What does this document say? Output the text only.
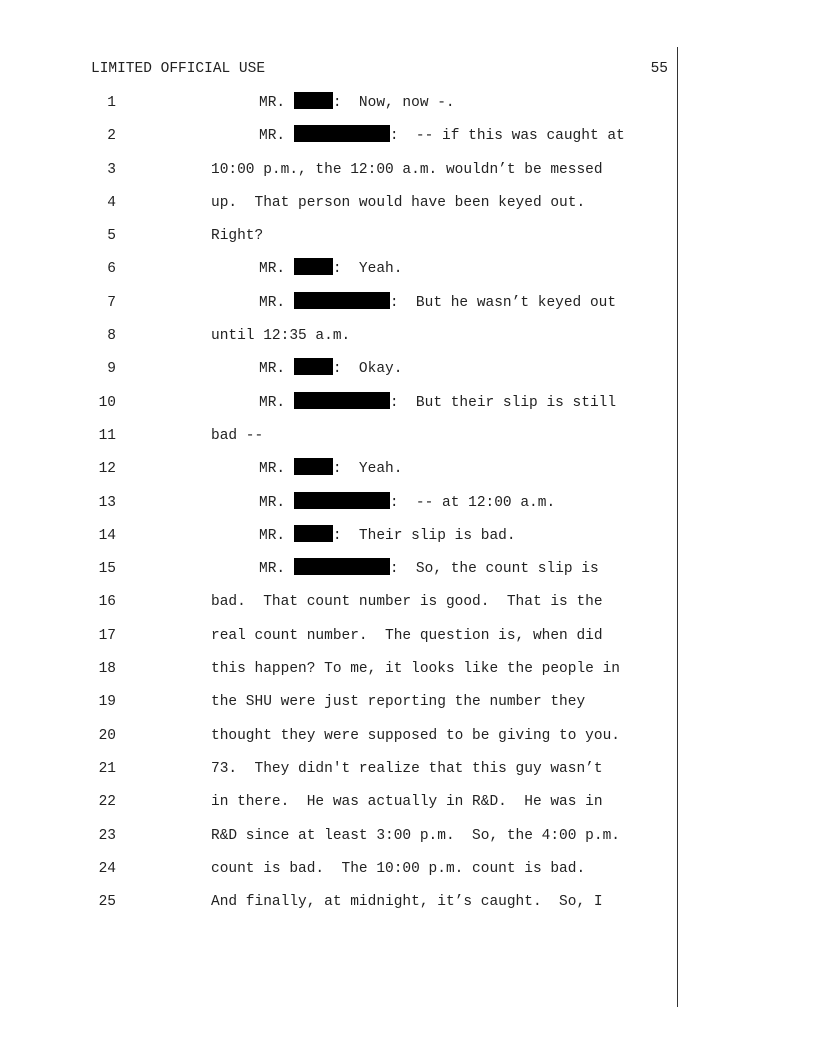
LIMITED OFFICIAL USE	55
1	MR.	:  Now, now -.
2	MR.	:  -- if this was caught at
3	10:00 p.m., the 12:00 a.m. wouldn’t be messed
4	up.  That person would have been keyed out.
5	Right?
6	MR.	:  Yeah.
7	MR.	:  But he wasn’t keyed out
8	until 12:35 a.m.
9	MR.	:  Okay.
10	MR.	:  But their slip is still
11	bad --
12	MR.	:  Yeah.
13	MR.	:  -- at 12:00 a.m.
14	MR.	:  Their slip is bad.
15	MR.	:  So, the count slip is
16	bad.  That count number is good.  That is the
17	real count number.  The question is, when did
18	this happen? To me, it looks like the people in
19	the SHU were just reporting the number they
20	thought they were supposed to be giving to you.
21	73.  They didn't realize that this guy wasn’t
22	in there.  He was actually in R&D.  He was in
23	R&D since at least 3:00 p.m.  So, the 4:00 p.m.
24	count is bad.  The 10:00 p.m. count is bad.
25	And finally, at midnight, it’s caught.  So, I
